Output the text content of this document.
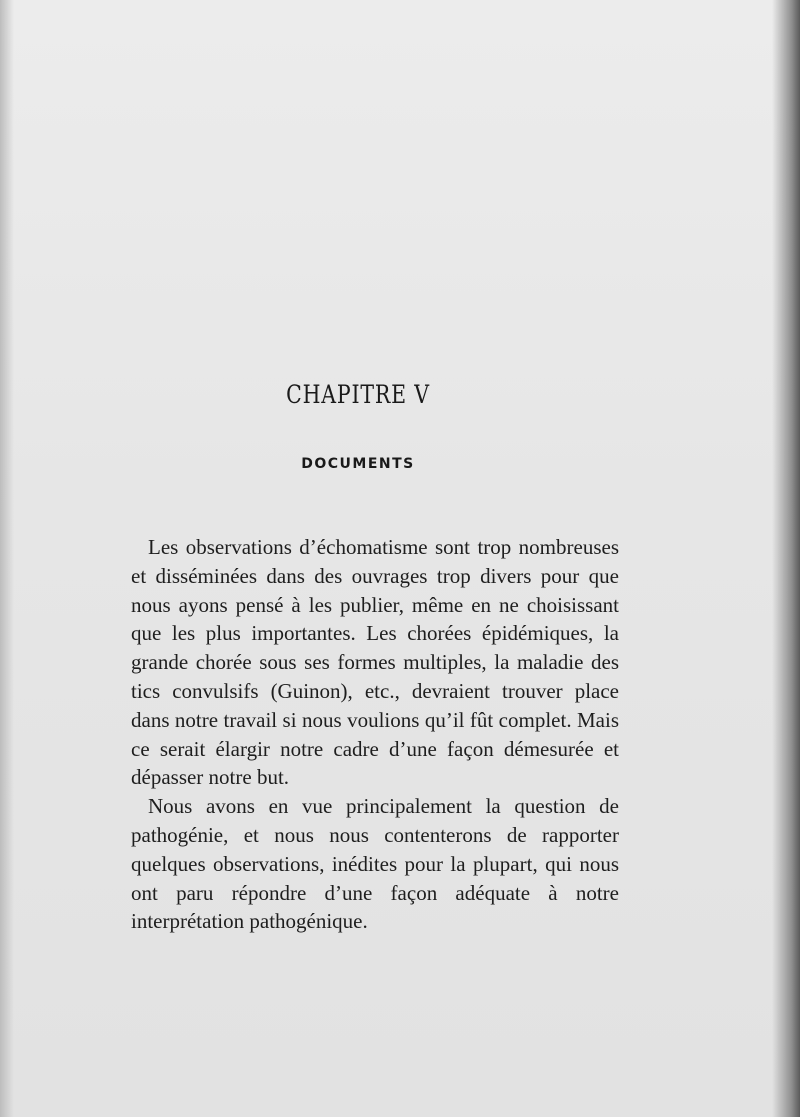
CHAPITRE V
DOCUMENTS

Les observations d’échomatisme sont trop nombreuses et disséminées dans des ouvrages trop divers pour que nous ayons pensé à les publier, même en ne choisissant que les plus importantes. Les chorées épidémiques, la grande chorée sous ses formes multiples, la maladie des tics convulsifs (Guinon), etc., devraient trouver place dans notre travail si nous voulions qu’il fût complet. Mais ce serait élargir notre cadre d’une façon démesurée et dépasser notre but.

Nous avons en vue principalement la question de pathogénie, et nous nous contenterons de rapporter quelques observations, inédites pour la plupart, qui nous ont paru répondre d’une façon adéquate à notre interprétation pathogénique.
